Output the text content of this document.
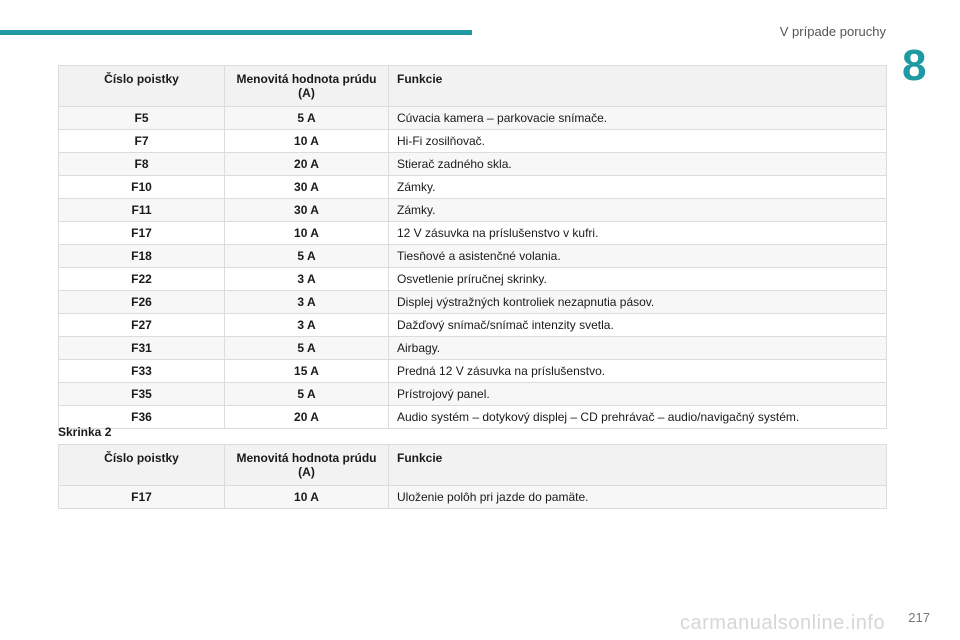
V prípade poruchy
8
Číslo poistky	Menovitá hodnota prúdu (A)	Funkcie
F5	5 A	Cúvacia kamera – parkovacie snímače.
F7	10 A	Hi-Fi zosilňovač.
F8	20 A	Stierač zadného skla.
F10	30 A	Zámky.
F11	30 A	Zámky.
F17	10 A	12 V zásuvka na príslušenstvo v kufri.
F18	5 A	Tiesňové a asistenčné volania.
F22	3 A	Osvetlenie príručnej skrinky.
F26	3 A	Displej výstražných kontroliek nezapnutia pásov.
F27	3 A	Dažďový snímač/snímač intenzity svetla.
F31	5 A	Airbagy.
F33	15 A	Predná 12 V zásuvka na príslušenstvo.
F35	5 A	Prístrojový panel.
F36	20 A	Audio systém – dotykový displej – CD prehrávač – audio/navigačný systém.
Skrinka 2
Číslo poistky	Menovitá hodnota prúdu (A)	Funkcie
F17	10 A	Uloženie polôh pri jazde do pamäte.
217
carmanualsonline.info
